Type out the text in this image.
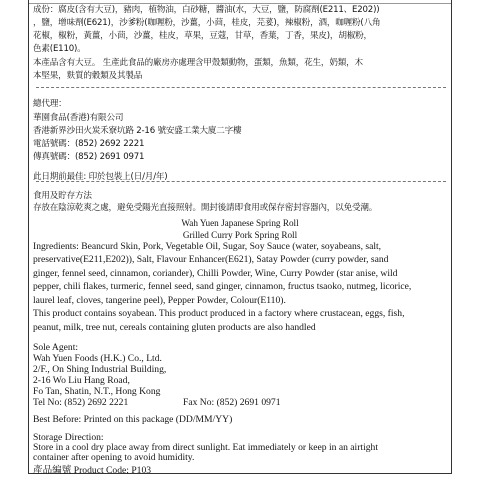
成份：腐皮(含有大豆)，豬肉，植物油，白砂糖，醬油(水，大豆，鹽，防腐劑(E211、E202))

，鹽，增味劑(E621)，沙爹粉(咖喱粉，沙薑，小茴，桂皮，芫荽)，辣椒粉，酒，咖喱粉(八角

花椒，椒粉，黃薑，小茴，沙薑，桂皮，草果，豆蔻，甘草，香葉，丁香，果皮)，胡椒粉，

色素(E110)。

本產品含有大豆。 生產此食品的廠房亦處理含甲殼類動物，蛋類，魚類，花生，奶類，木

本堅果，麩質的穀類及其製品

總代理：

華園食品(香港)有限公司

香港新界沙田火炭禾寮坑路 2-16 號安盛工業大廈二字樓

電話號碼：(852) 2692 2221

傳真號碼：(852) 2691 0971

此日期前最佳: 印於包裝上(日/月/年)

食用及貯存方法

存放在陰涼乾爽之處，避免受陽光直接照射。開封後請即食用或保存密封容器內，以免受潮。

Wah Yuen Japanese Spring Roll

Grilled Curry Pork Spring Roll

Ingredients: Beancurd Skin, Pork, Vegetable Oil, Sugar, Soy Sauce (water, soyabeans, salt,

preservative(E211,E202)), Salt, Flavour Enhancer(E621), Satay Powder (curry powder, sand

ginger, fennel seed, cinnamon, coriander), Chilli Powder, Wine, Curry Powder (star anise, wild

pepper, chili flakes, turmeric, fennel seed, sand ginger, cinnamon, fructus tsaoko, nutmeg, licorice,

laurel leaf, cloves, tangerine peel), Pepper Powder, Colour(E110).

This product contains soyabean. This product produced in a factory where crustacean, eggs, fish,

peanut, milk, tree nut, cereals containing gluten products are also handled

Sole Agent:

Wah Yuen Foods (H.K.) Co., Ltd.

2/F., On Shing Industrial Building,

2-16 Wo Liu Hang Road,

Fo Tan, Shatin, N.T., Hong Kong

Tel No: (852) 2692 2221	Fax No: (852) 2691 0971

Best Before: Printed on this package (DD/MM/YY)

Storage Direction:

Store in a cool dry place away from direct sunlight. Eat immediately or keep in an airtight

container after opening to avoid humidity.

產品編號 Product Code: P103
